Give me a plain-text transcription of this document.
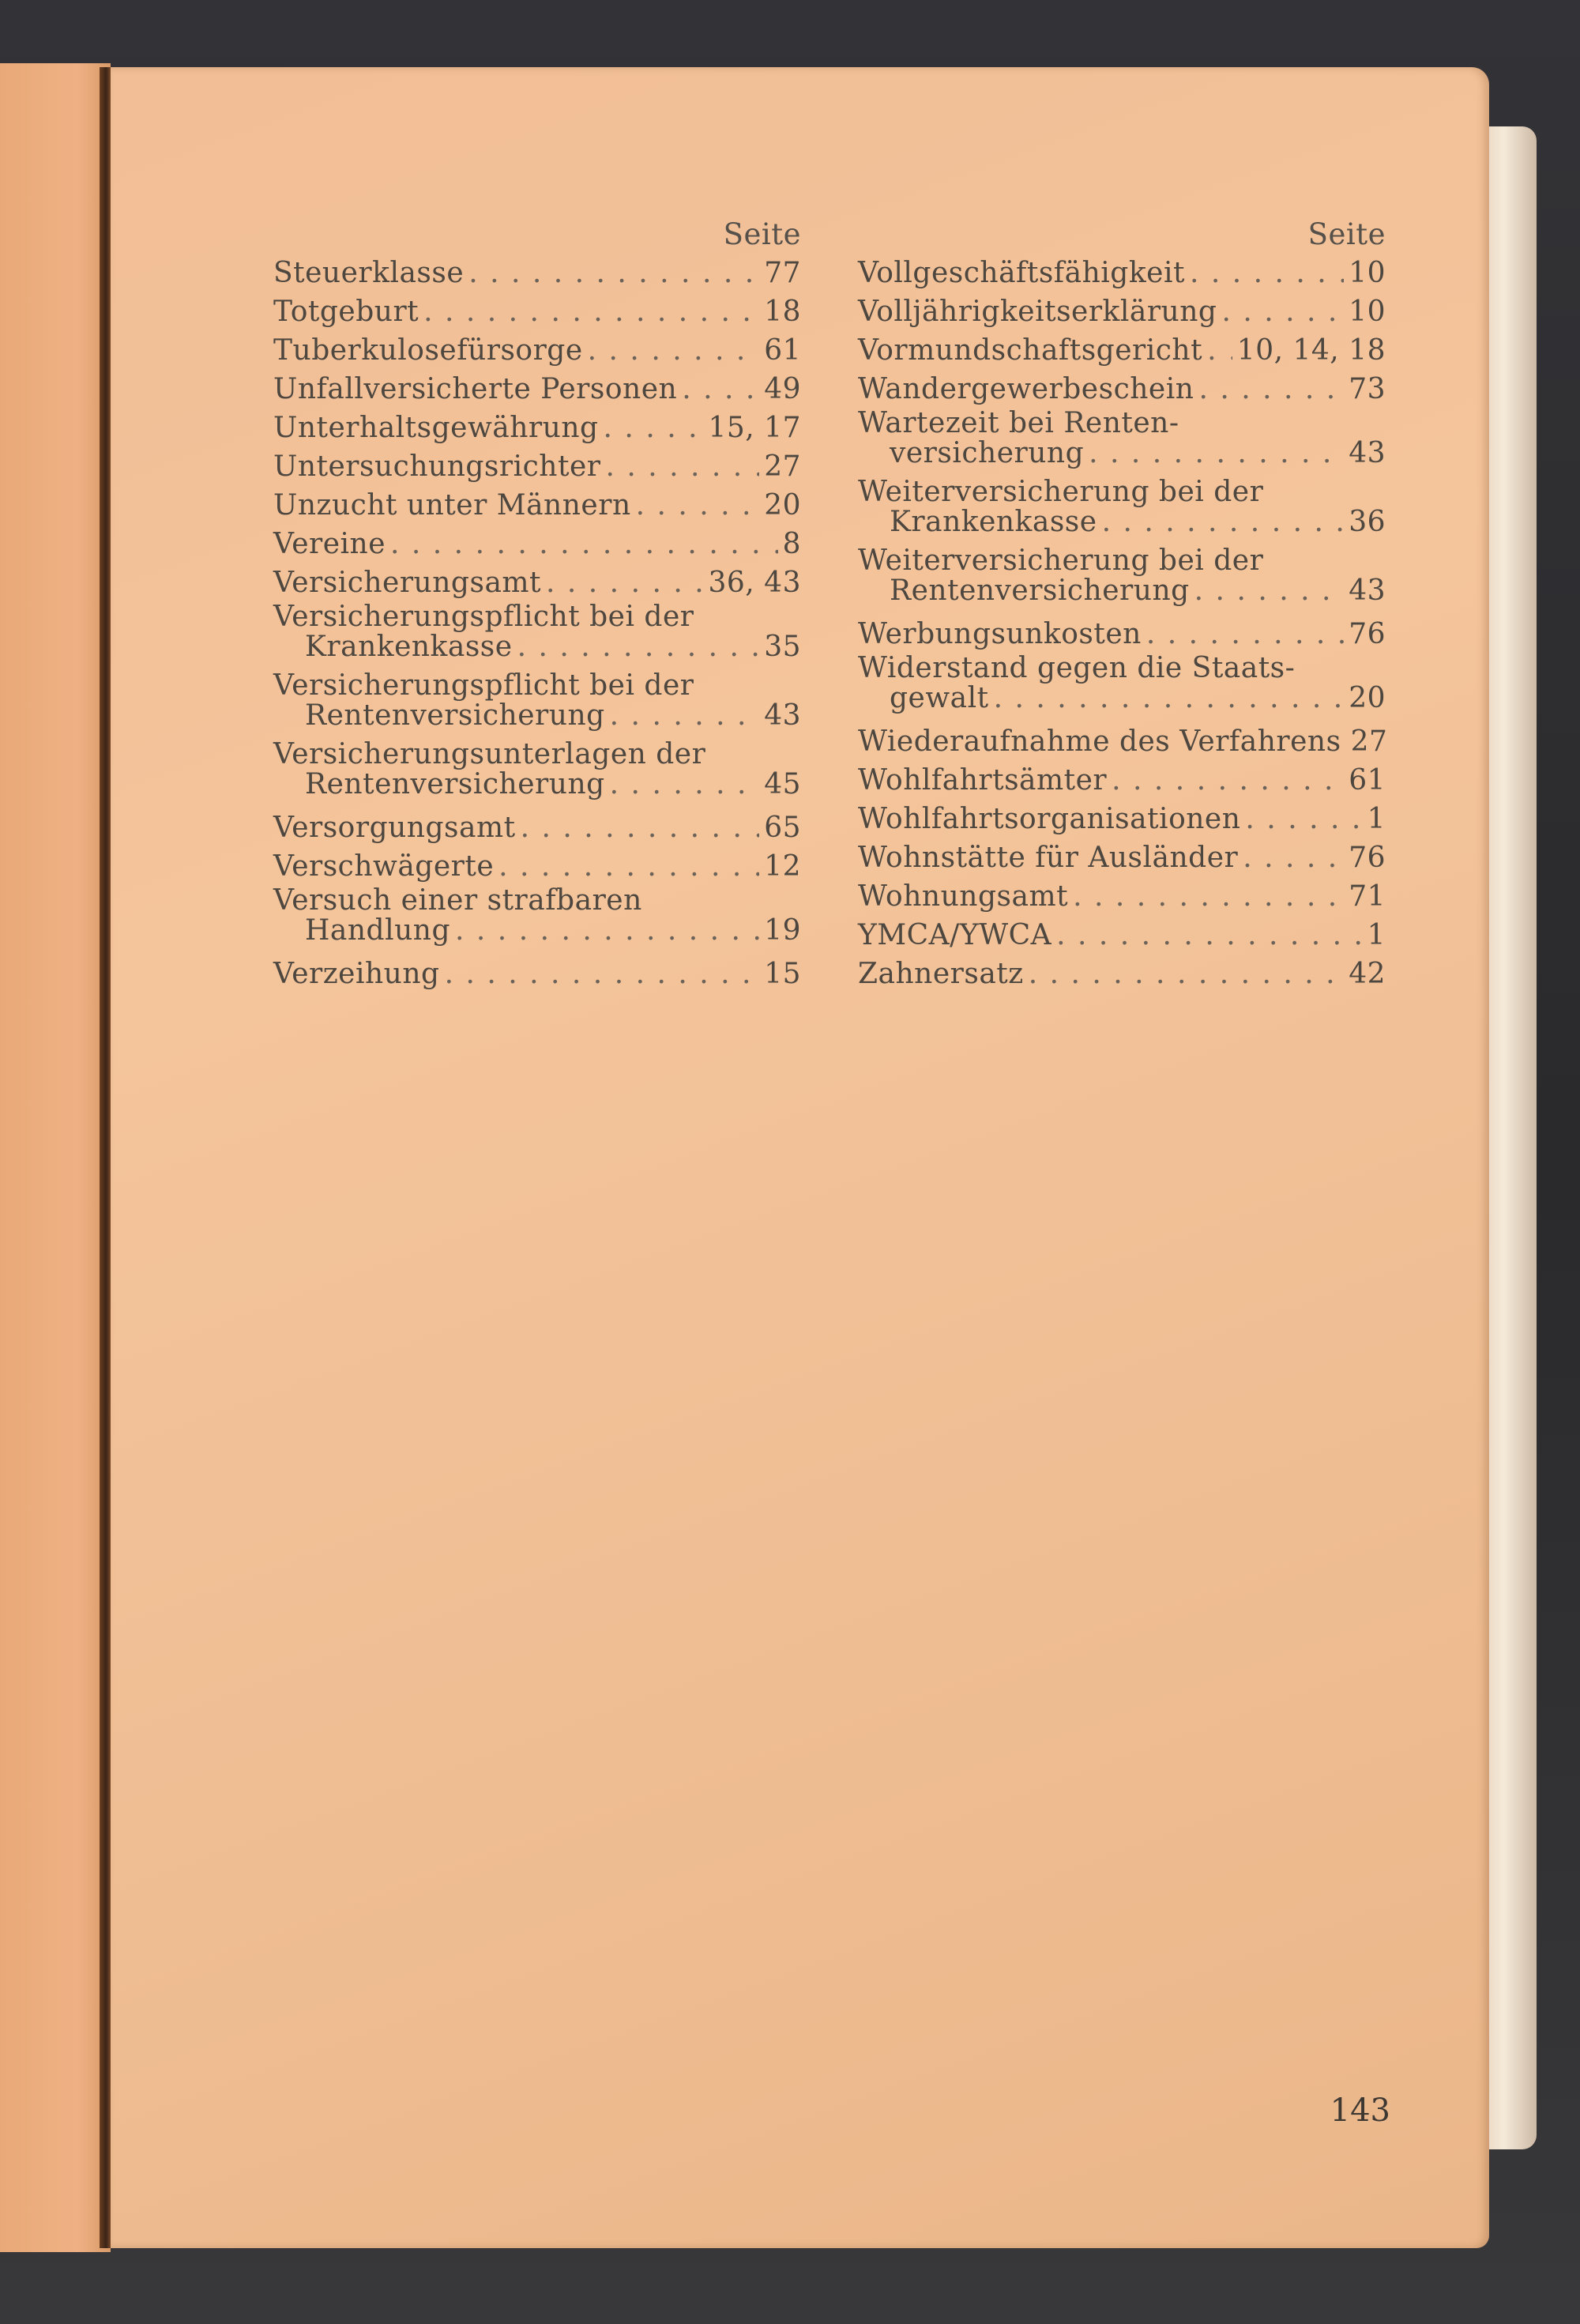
Seite
Steuerklasse . . .	77
Totgeburt . . .	18
Tuberkulosefürsorge . . .	61
Unfallversicherte Personen . . .	49
Unterhaltsgewährung . . .	15, 17
Untersuchungsrichter . . .	27
Unzucht unter Männern . . .	20
Vereine . . .	8
Versicherungsamt . . .	36, 43
Versicherungspflicht bei der
Krankenkasse . . .	35
Versicherungspflicht bei der
Rentenversicherung . . .	43
Versicherungsunterlagen der
Rentenversicherung . . .	45
Versorgungsamt . . .	65
Verschwägerte . . .	12
Versuch einer strafbaren
Handlung . . .	19
Verzeihung . . .	15
Seite
Vollgeschäftsfähigkeit . . .	10
Volljährigkeitserklärung . . .	10
Vormundschaftsgericht . . . 10, 14, 18
Wandergewerbeschein . . .	73
Wartezeit bei Renten-
versicherung . . .	43
Weiterversicherung bei der
Krankenkasse . . .	36
Weiterversicherung bei der
Rentenversicherung . . .	43
Werbungsunkosten . . .	76
Widerstand gegen die Staats-
gewalt . . .	20
Wiederaufnahme des Verfahrens 27
Wohlfahrtsämter . . .	61
Wohlfahrtsorganisationen . . .	1
Wohnstätte für Ausländer . . .	76
Wohnungsamt . . .	71
YMCA/YWCA . . .	1
Zahnersatz . . .	42
143
